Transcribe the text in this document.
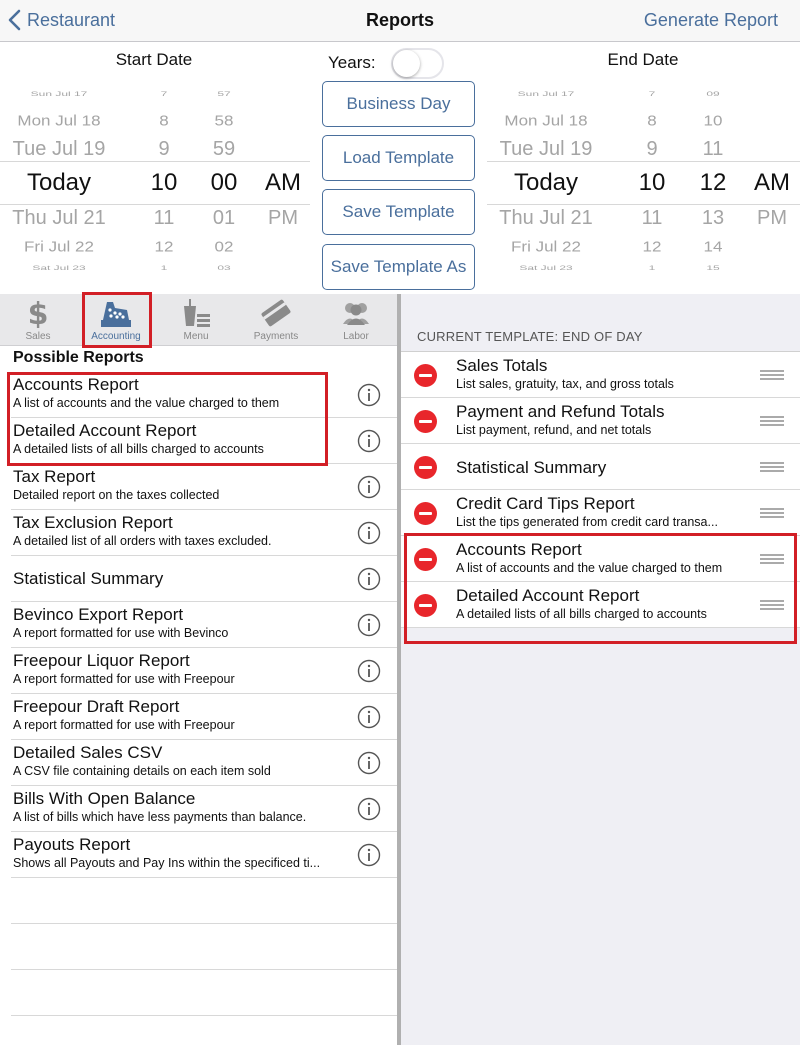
Restaurant	Reports	Generate Report
Start Date	End Date
Sun Jul 17
Mon Jul 18
Tue Jul 19
Today
Thu Jul 21
Fri Jul 22
Sat Jul 23
7
8
9
10
11
12
1
57
58
59
00
01
02
03
AM
PM
Years:
Business Day
Load Template
Save Template
Save Template As
Sun Jul 17
Mon Jul 18
Tue Jul 19
Today
Thu Jul 21
Fri Jul 22
Sat Jul 23
7
8
9
10
11
12
1
09
10
11
12
13
14
15
AM
PM
$
Sales	Accounting	Menu	Payments	Labor
Possible Reports
Accounts Report
A list of accounts and the value charged to them
Detailed Account Report
A detailed lists of all bills charged to accounts
Tax Report
Detailed report on the taxes collected
Tax Exclusion Report
A detailed list of all orders with taxes excluded.
Statistical Summary
Bevinco Export Report
A report formatted for use with Bevinco
Freepour Liquor Report
A report formatted for use with Freepour
Freepour Draft Report
A report formatted for use with Freepour
Detailed Sales CSV
A CSV file containing details on each item sold
Bills With Open Balance
A list of bills which have less payments than balance.
Payouts Report
Shows all Payouts and Pay Ins within the specificed ti...
CURRENT TEMPLATE: END OF DAY
Sales Totals
List sales, gratuity, tax, and gross totals
Payment and Refund Totals
List payment, refund, and net totals
Statistical Summary
Credit Card Tips Report
List the tips generated from credit card transa...
Accounts Report
A list of accounts and the value charged to them
Detailed Account Report
A detailed lists of all bills charged to accounts
